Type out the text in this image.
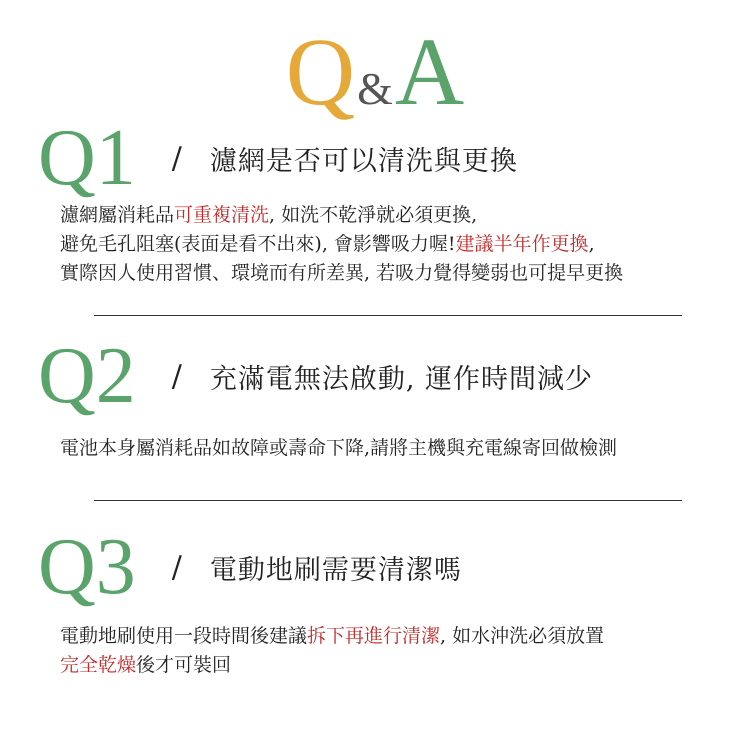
Q&A
Q1 / 濾網是否可以清洗與更換
濾網屬消耗品可重複清洗, 如洗不乾淨就必須更換,
避免毛孔阻塞(表面是看不出來), 會影響吸力喔!建議半年作更換,
實際因人使用習慣、環境而有所差異, 若吸力覺得變弱也可提早更換
Q2 / 充滿電無法啟動, 運作時間減少
電池本身屬消耗品如故障或壽命下降,請將主機與充電線寄回做檢測
Q3 / 電動地刷需要清潔嗎
電動地刷使用一段時間後建議拆下再進行清潔, 如水沖洗必須放置
完全乾燥後才可裝回
